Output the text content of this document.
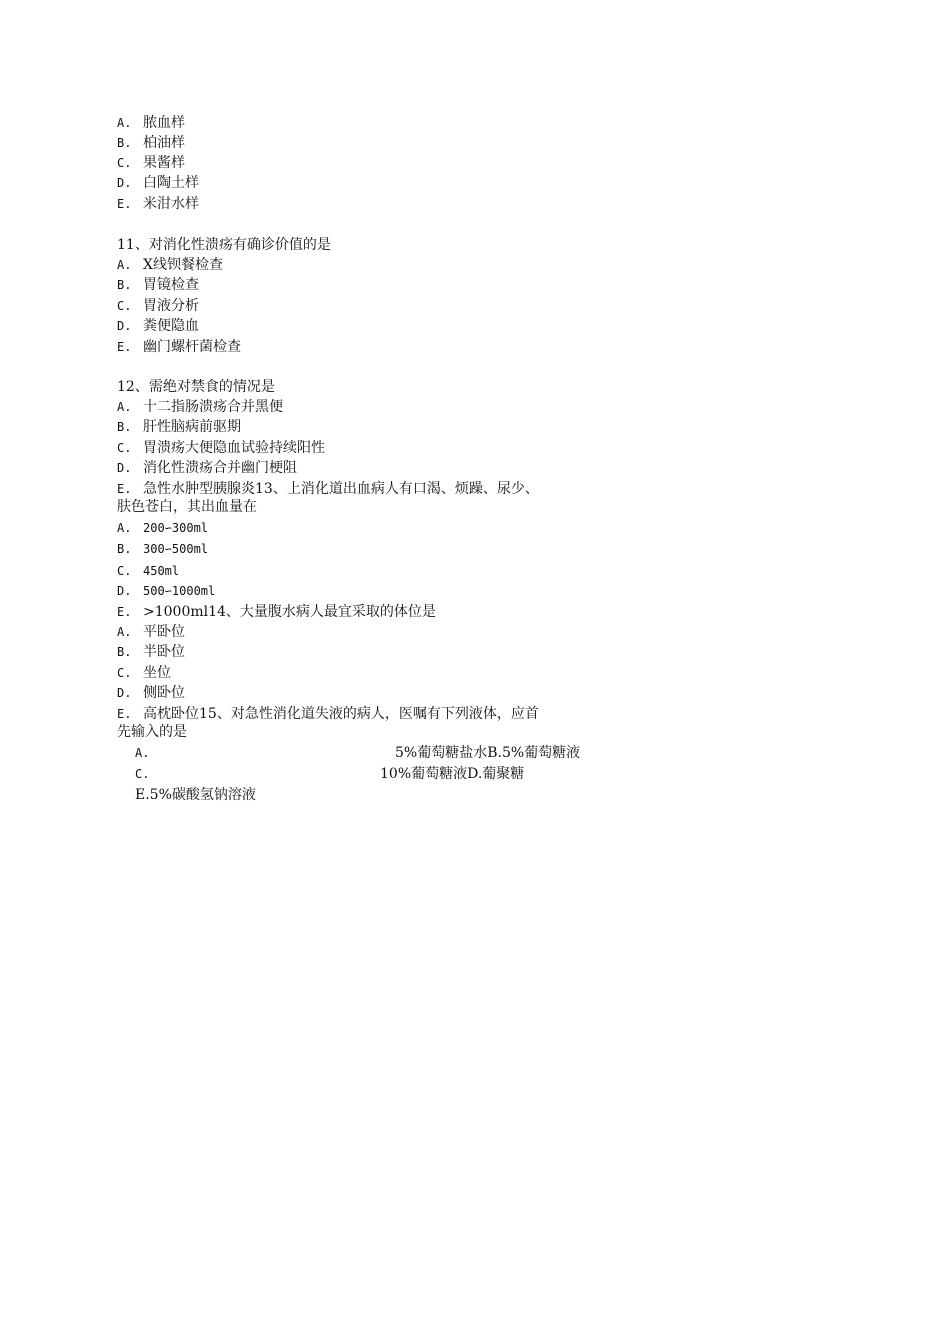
A. 脓血样
B. 柏油样
C. 果酱样
D. 白陶土样
E. 米泔水样
11、对消化性溃疡有确诊价值的是
A. X线钡餐检查
B. 胃镜检查
C. 胃液分析
D. 粪便隐血
E. 幽门螺杆菌检查
12、需绝对禁食的情况是
A. 十二指肠溃疡合并黑便
B. 肝性脑病前驱期
C. 胃溃疡大便隐血试验持续阳性
D. 消化性溃疡合并幽门梗阻
E. 急性水肿型胰腺炎13、上消化道出血病人有口渴、烦躁、尿少、
肤色苍白，其出血量在
A. 200∽300ml
B. 300∽500ml
C. 450ml
D. 500∽1000ml
E. >1000ml14、大量腹水病人最宜采取的体位是
A. 平卧位
B. 半卧位
C. 坐位
D. 侧卧位
E. 高枕卧位15、对急性消化道失液的病人，医嘱有下列液体，应首
先输入的是
A.	5%葡萄糖盐水B.5%葡萄糖液
C.	10%葡萄糖液D.葡聚糖
E.5%碳酸氢钠溶液
